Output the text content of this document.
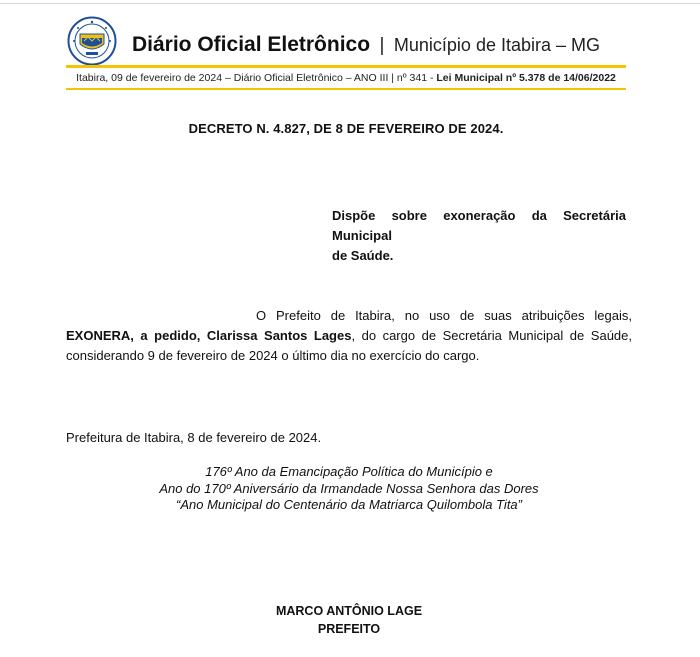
Diário Oficial Eletrônico | Município de Itabira – MG
Itabira, 09 de fevereiro de 2024 – Diário Oficial Eletrônico – ANO III | nº 341 - Lei Municipal nº 5.378 de 14/06/2022
DECRETO N. 4.827, DE 8 DE FEVEREIRO DE 2024.
Dispõe sobre exoneração da Secretária Municipal
de Saúde.
O Prefeito de Itabira, no uso de suas atribuições legais,
EXONERA, a pedido, Clarissa Santos Lages, do cargo de Secretária Municipal de Saúde,
considerando 9 de fevereiro de 2024 o último dia no exercício do cargo.
Prefeitura de Itabira, 8 de fevereiro de 2024.
176º Ano da Emancipação Política do Município e
Ano do 170º Aniversário da Irmandade Nossa Senhora das Dores
“Ano Municipal do Centenário da Matriarca Quilombola Tita”
MARCO ANTÔNIO LAGE
PREFEITO
